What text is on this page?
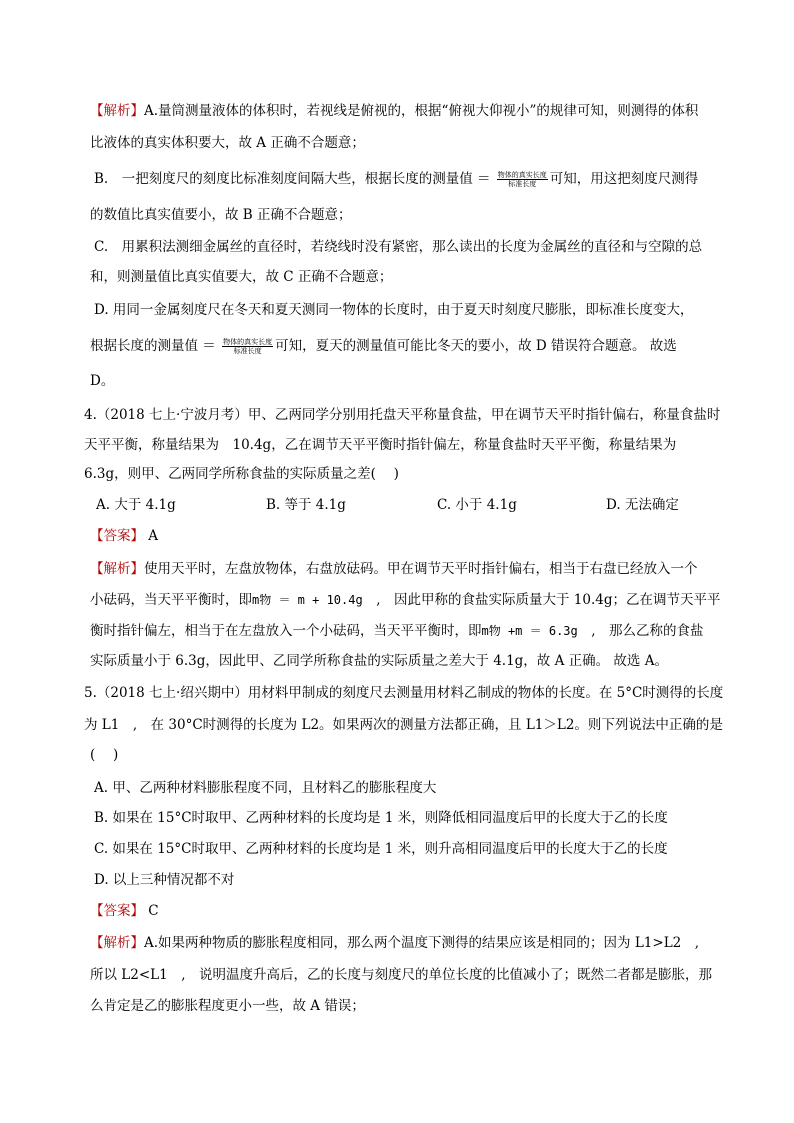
【解析】A.量筒测量液体的体积时，若视线是俯视的，根据“俯视大仰视小”的规律可知，则测得的体积
比液体的真实体积要大，故 A 正确不合题意；
B.　一把刻度尺的刻度比标准刻度间隔大些，根据长度的测量值 ＝ $\frac{\text{物体的真实长度}}{\text{标准长度}}$ 可知，用这把刻度尺测得
的数值比真实值要小，故 B 正确不合题意；
C.　用累积法测细金属丝的直径时，若绕线时没有紧密，那么读出的长度为金属丝的直径和与空隙的总
和，则测量值比真实值要大，故 C 正确不合题意；
D. 用同一金属刻度尺在冬天和夏天测同一物体的长度时，由于夏天时刻度尺膨胀，即标准长度变大，
根据长度的测量值 ＝ $\frac{\text{物体的真实长度}}{\text{标准长度}}$ 可知，夏天的测量值可能比冬天的要小，故 D 错误符合题意。 故选
D。
4.（2018 七上·宁波月考）甲、乙两同学分别用托盘天平称量食盐，甲在调节天平时指针偏右，称量食盐时
天平平衡，称量结果为　10.4g，乙在调节天平平衡时指针偏左，称量食盐时天平平衡，称量结果为
6.3g，则甲、乙两同学所称食盐的实际质量之差(　 )
A. 大于 4.1g	B. 等于 4.1g	C. 小于 4.1g	D. 无法确定
【答案】 A
【解析】使用天平时，左盘放物体，右盘放砝码。甲在调节天平时指针偏右，相当于右盘已经放入一个
小砝码，当天平平衡时，即m物 ＝ m + 10.4g　,　因此甲称的食盐实际质量大于 10.4g；乙在调节天平平
衡时指针偏左，相当于在左盘放入一个小砝码，当天平平衡时，即m物 +m ＝ 6.3g　,　那么乙称的食盐
实际质量小于 6.3g，因此甲、乙同学所称食盐的实际质量之差大于 4.1g，故 A 正确。 故选 A。
5.（2018 七上·绍兴期中）用材料甲制成的刻度尺去测量用材料乙制成的物体的长度。在 5°C时测得的长度
为 L1　,　在 30°C时测得的长度为 L2。如果两次的测量方法都正确，且 L1＞L2。则下列说法中正确的是
(　 )
A. 甲、乙两种材料膨胀程度不同，且材料乙的膨胀程度大
B. 如果在 15°C时取甲、乙两种材料的长度均是 1 米，则降低相同温度后甲的长度大于乙的长度
C. 如果在 15°C时取甲、乙两种材料的长度均是 1 米，则升高相同温度后甲的长度大于乙的长度
D. 以上三种情况都不对
【答案】 C
【解析】A.如果两种物质的膨胀程度相同，那么两个温度下测得的结果应该是相同的；因为 L1>L2　,
所以 L2<L1　,　说明温度升高后，乙的长度与刻度尺的单位长度的比值减小了；既然二者都是膨胀，那
么肯定是乙的膨胀程度更小一些，故 A 错误；
